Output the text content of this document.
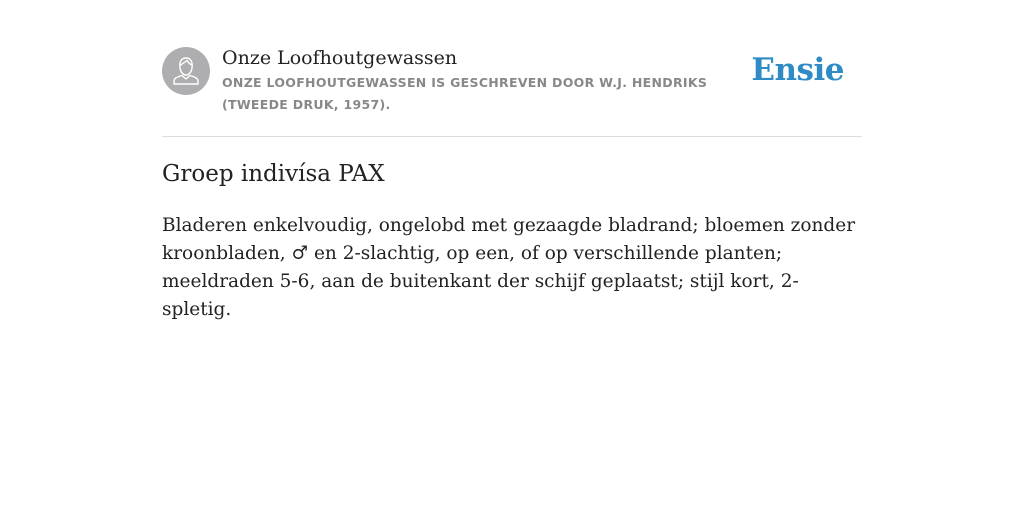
Onze Loofhoutgewassen

ONZE LOOFHOUTGEWASSEN IS GESCHREVEN DOOR W.J. HENDRIKS (TWEEDE DRUK, 1957).

Ensie
Groep indivísa PAX

Bladeren enkelvoudig, ongelobd met gezaagde bladrand; bloemen zonder kroonbladen, ♂ en 2-slachtig, op een, of op verschillende planten; meeldraden 5-6, aan de buitenkant der schijf geplaatst; stijl kort, 2-spletig.
